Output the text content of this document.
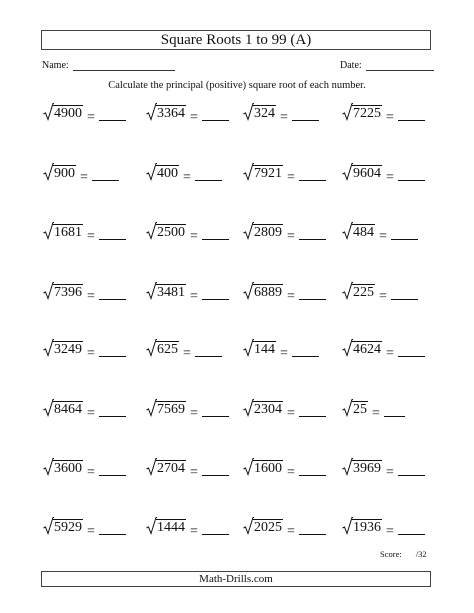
Square Roots 1 to 99 (A)
Name:	Date:
Calculate the principal (positive) square root of each number.
4900 =	3364 =	324 =	7225 =
900 =	400 =	7921 =	9604 =
1681 =	2500 =	2809 =	484 =
7396 =	3481 =	6889 =	225 =
3249 =	625 =	144 =	4624 =
8464 =	7569 =	2304 =	25 =
3600 =	2704 =	1600 =	3969 =
5929 =	1444 =	2025 =	1936 =
Score: /32
Math-Drills.com
